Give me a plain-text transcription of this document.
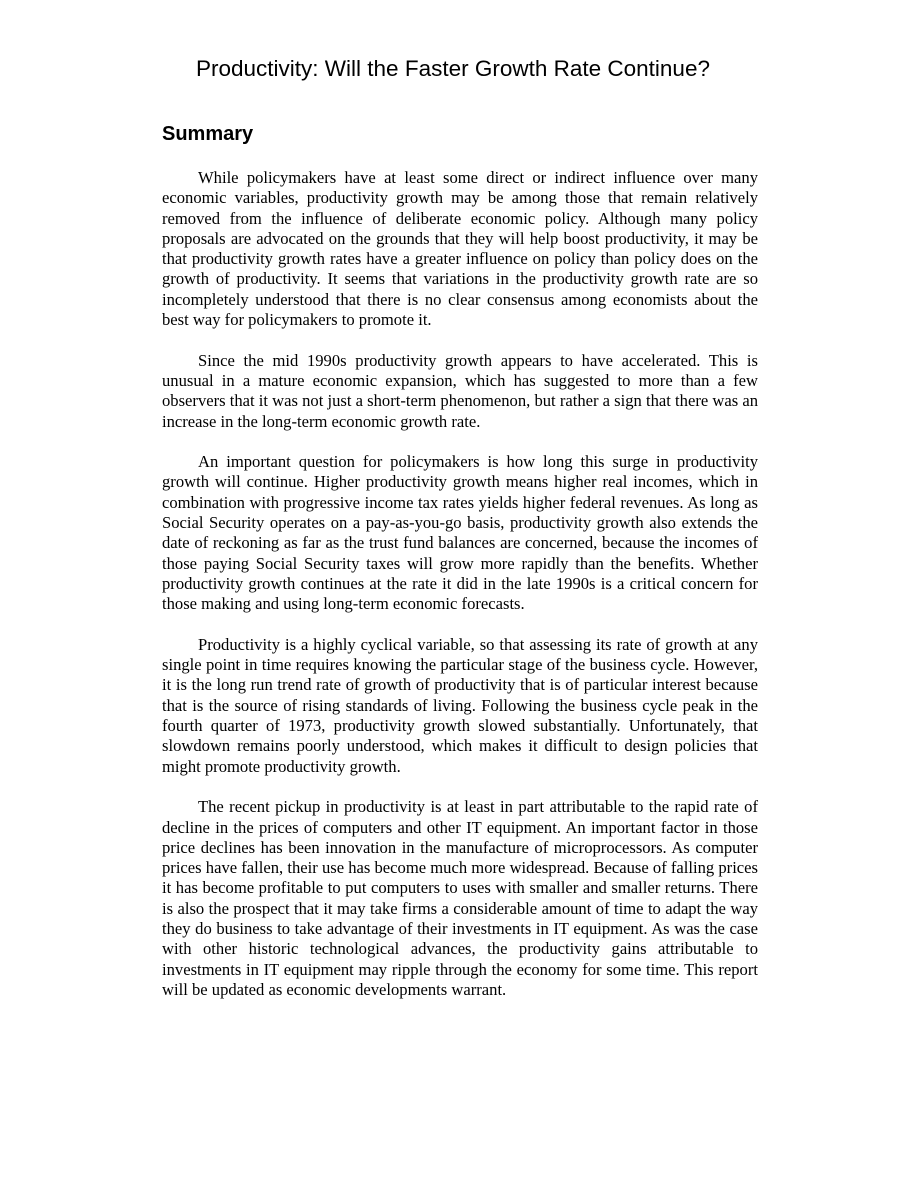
Productivity: Will the Faster Growth Rate Continue?
Summary

While policymakers have at least some direct or indirect influence over many economic variables, productivity growth may be among those that remain relatively removed from the influence of deliberate economic policy. Although many policy proposals are advocated on the grounds that they will help boost productivity, it may be that productivity growth rates have a greater influence on policy than policy does on the growth of productivity. It seems that variations in the productivity growth rate are so incompletely understood that there is no clear consensus among economists about the best way for policymakers to promote it.

Since the mid 1990s productivity growth appears to have accelerated. This is unusual in a mature economic expansion, which has suggested to more than a few observers that it was not just a short-term phenomenon, but rather a sign that there was an increase in the long-term economic growth rate.

An important question for policymakers is how long this surge in productivity growth will continue. Higher productivity growth means higher real incomes, which in combination with progressive income tax rates yields higher federal revenues. As long as Social Security operates on a pay-as-you-go basis, productivity growth also extends the date of reckoning as far as the trust fund balances are concerned, because the incomes of those paying Social Security taxes will grow more rapidly than the benefits. Whether productivity growth continues at the rate it did in the late 1990s is a critical concern for those making and using long-term economic forecasts.

Productivity is a highly cyclical variable, so that assessing its rate of growth at any single point in time requires knowing the particular stage of the business cycle. However, it is the long run trend rate of growth of productivity that is of particular interest because that is the source of rising standards of living. Following the business cycle peak in the fourth quarter of 1973, productivity growth slowed substantially. Unfortunately, that slowdown remains poorly understood, which makes it difficult to design policies that might promote productivity growth.

The recent pickup in productivity is at least in part attributable to the rapid rate of decline in the prices of computers and other IT equipment. An important factor in those price declines has been innovation in the manufacture of microprocessors. As computer prices have fallen, their use has become much more widespread. Because of falling prices it has become profitable to put computers to uses with smaller and smaller returns. There is also the prospect that it may take firms a considerable amount of time to adapt the way they do business to take advantage of their investments in IT equipment. As was the case with other historic technological advances, the productivity gains attributable to investments in IT equipment may ripple through the economy for some time. This report will be updated as economic developments warrant.
